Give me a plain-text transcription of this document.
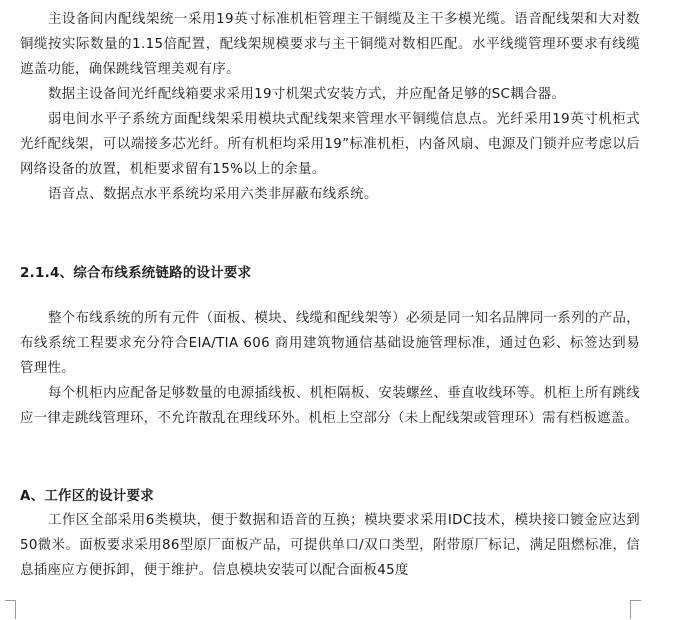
主设备间内配线架统一采用19英寸标准机柜管理主干铜缆及主干多模光缆。语音配线架和大对数铜缆按实际数量的1.15倍配置，配线架规模要求与主干铜缆对数相匹配。水平线缆管理环要求有线缆遮盖功能，确保跳线管理美观有序。

数据主设备间光纤配线箱要求采用19寸机架式安装方式，并应配备足够的SC耦合器。

弱电间水平子系统方面配线架采用模块式配线架来管理水平铜缆信息点。光纤采用19英寸机柜式光纤配线架，可以端接多芯光纤。所有机柜均采用19”标准机柜，内备风扇、电源及门锁并应考虑以后网络设备的放置，机柜要求留有15%以上的余量。

语音点、数据点水平系统均采用六类非屏蔽布线系统。

2.1.4、综合布线系统链路的设计要求

整个布线系统的所有元件（面板、模块、线缆和配线架等）必须是同一知名品牌同一系列的产品，布线系统工程要求充分符合EIA/TIA 606 商用建筑物通信基础设施管理标准，通过色彩、标签达到易管理性。

每个机柜内应配备足够数量的电源插线板、机柜隔板、安装螺丝、垂直收线环等。机柜上所有跳线应一律走跳线管理环，不允许散乱在理线环外。机柜上空部分（未上配线架或管理环）需有档板遮盖。

A、工作区的设计要求

工作区全部采用6类模块，便于数据和语音的互换；模块要求采用IDC技术，模块接口镀金应达到50微米。面板要求采用86型原厂面板产品，可提供单口/双口类型，附带原厂标记，满足阻燃标准，信息插座应方便拆卸，便于维护。信息模块安装可以配合面板45度
